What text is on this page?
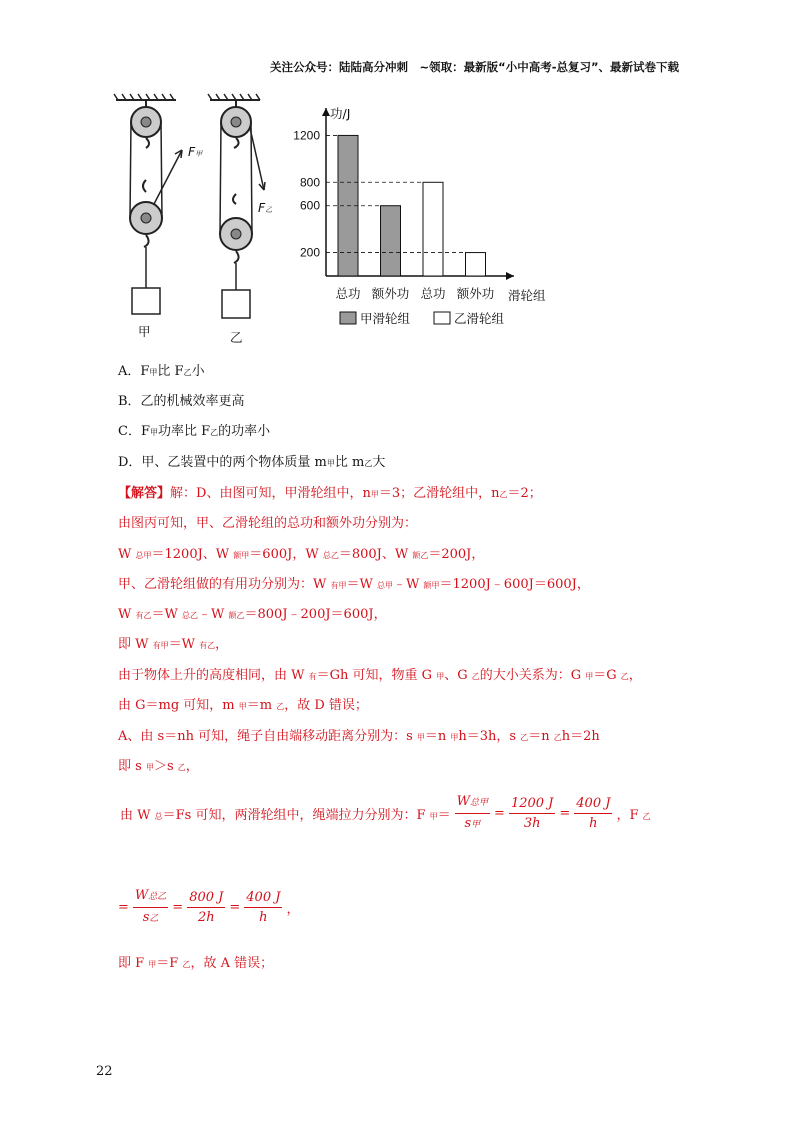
关注公众号：陆陆高分冲刺　~领取：最新版“小中高考-总复习”、最新试卷下载
F甲
甲
F乙
乙
功/J
滑轮组
总功 额外功 总功 额外功
200
600
800
1200
甲滑轮组	乙滑轮组
A．F甲比 F乙小
B．乙的机械效率更高
C．F甲功率比 F乙的功率小
D．甲、乙装置中的两个物体质量 m甲比 m乙大
【解答】解：D、由图可知，甲滑轮组中，n甲＝3；乙滑轮组中，n乙＝2；
由图丙可知，甲、乙滑轮组的总功和额外功分别为：
W 总甲＝1200J、W 额甲＝600J，W 总乙＝800J、W 额乙＝200J，
甲、乙滑轮组做的有用功分别为：W 有甲＝W 总甲﹣W 额甲＝1200J﹣600J＝600J，
W 有乙＝W 总乙﹣W 额乙＝800J﹣200J＝600J，
即 W 有甲＝W 有乙，
由于物体上升的高度相同，由 W 有＝Gh 可知，物重 G 甲、G 乙的大小关系为：G 甲＝G 乙，
由 G＝mg 可知，m 甲＝m 乙，故 D 错误；
A、由 s＝nh 可知，绳子自由端移动距离分别为：s 甲＝n 甲h＝3h，s 乙＝n 乙h＝2h
即 s 甲＞s 乙，
由 W 总＝Fs 可知，两滑轮组中，绳端拉力分别为：F 甲＝ $\frac{\text{W总甲}}{\text{s甲}} = \frac{1200 J}{3h} = \frac{400 J}{h}$ ，F 乙
= $\frac{\text{W总乙}}{\text{s乙}} = \frac{800 J}{2h} = \frac{400 J}{h}$ ，
即 F 甲＝F 乙，故 A 错误；
22
